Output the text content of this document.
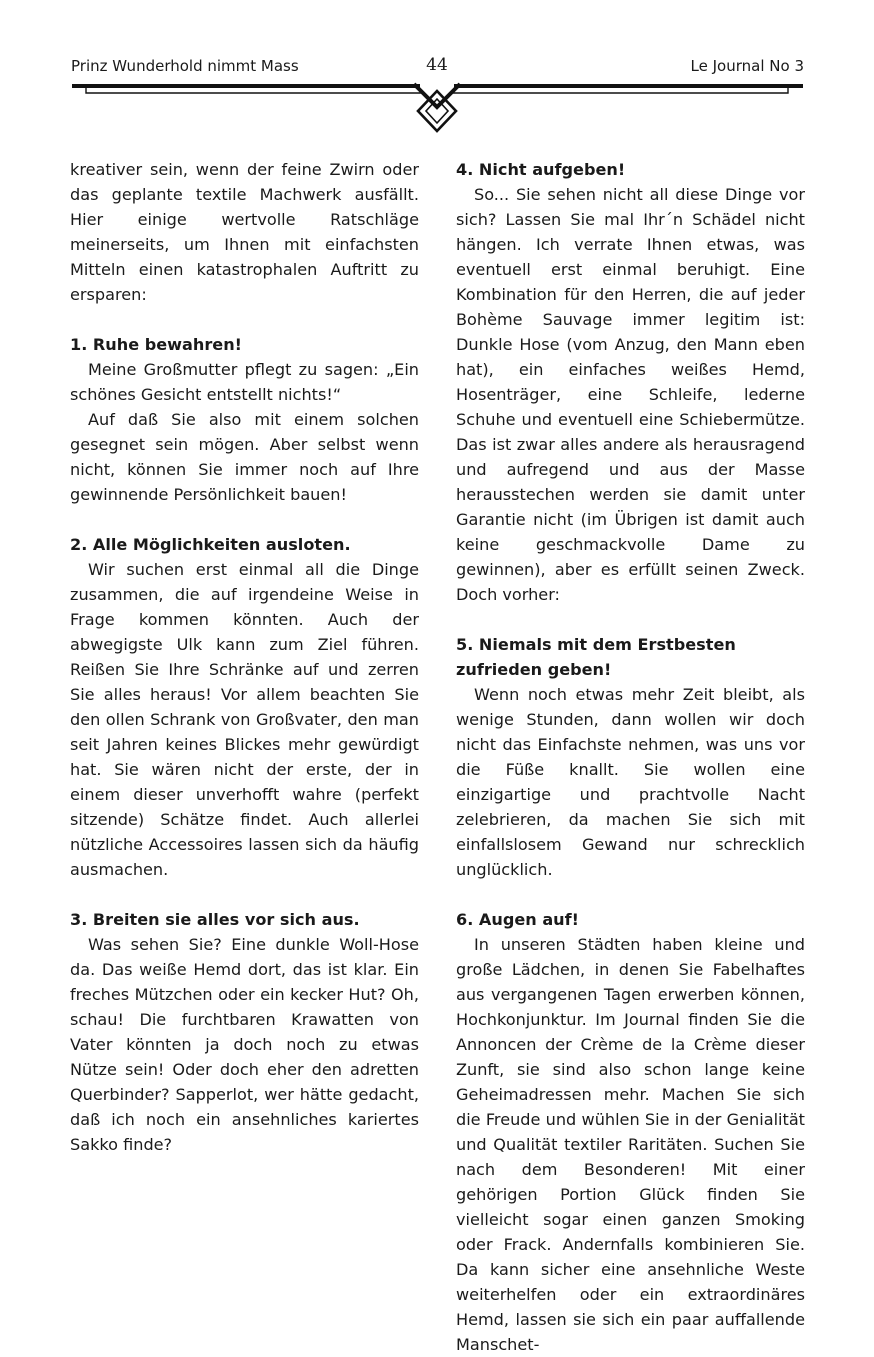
Prinz Wunderhold nimmt Mass	44	Le Journal No 3

kreativer sein, wenn der feine Zwirn oder das geplante textile Machwerk ausfällt. Hier einige wertvolle Ratschläge meinerseits, um Ihnen mit einfachsten Mitteln einen katastrophalen Auftritt zu ersparen:

1. Ruhe bewahren!

Meine Großmutter pflegt zu sagen: „Ein schönes Gesicht entstellt nichts!“

Auf daß Sie also mit einem solchen gesegnet sein mögen. Aber selbst wenn nicht, können Sie immer noch auf Ihre gewinnende Persönlichkeit bauen!

2. Alle Möglichkeiten ausloten.

Wir suchen erst einmal all die Dinge zusammen, die auf irgendeine Weise in Frage kommen könnten. Auch der abwegigste Ulk kann zum Ziel führen. Reißen Sie Ihre Schränke auf und zerren Sie alles heraus! Vor allem beachten Sie den ollen Schrank von Großvater, den man seit Jahren keines Blickes mehr gewürdigt hat. Sie wären nicht der erste, der in einem dieser unverhofft wahre (perfekt sitzende) Schätze findet. Auch allerlei nützliche Accessoires lassen sich da häufig ausmachen.

3. Breiten sie alles vor sich aus.

Was sehen Sie? Eine dunkle Woll-Hose da. Das weiße Hemd dort, das ist klar. Ein freches Mützchen oder ein kecker Hut? Oh, schau! Die furchtbaren Krawatten von Vater könnten ja doch noch zu etwas Nütze sein! Oder doch eher den adretten Querbinder? Sapperlot, wer hätte gedacht, daß ich noch ein ansehnliches kariertes Sakko finde?

4. Nicht aufgeben!

So... Sie sehen nicht all diese Dinge vor sich? Lassen Sie mal Ihr´n Schädel nicht hängen. Ich verrate Ihnen etwas, was eventuell erst einmal beruhigt. Eine Kombination für den Herren, die auf jeder Bohème Sauvage immer legitim ist: Dunkle Hose (vom Anzug, den Mann eben hat), ein einfaches weißes Hemd, Hosenträger, eine Schleife, lederne Schuhe und eventuell eine Schiebermütze. Das ist zwar alles andere als herausragend und aufregend und aus der Masse herausstechen werden sie damit unter Garantie nicht (im Übrigen ist damit auch keine geschmackvolle Dame zu gewinnen), aber es erfüllt seinen Zweck. Doch vorher:

5. Niemals mit dem Erstbesten zufrieden geben!

Wenn noch etwas mehr Zeit bleibt, als wenige Stunden, dann wollen wir doch nicht das Einfachste nehmen, was uns vor die Füße knallt. Sie wollen eine einzigartige und prachtvolle Nacht zelebrieren, da machen Sie sich mit einfallslosem Gewand nur schrecklich unglücklich.

6. Augen auf!

In unseren Städten haben kleine und große Lädchen, in denen Sie Fabelhaftes aus vergangenen Tagen erwerben können, Hochkonjunktur. Im Journal finden Sie die Annoncen der Crème de la Crème dieser Zunft, sie sind also schon lange keine Geheimadressen mehr. Machen Sie sich die Freude und wühlen Sie in der Genialität und Qualität textiler Raritäten. Suchen Sie nach dem Besonderen! Mit einer gehörigen Portion Glück finden Sie vielleicht sogar einen ganzen Smoking oder Frack. Andernfalls kombinieren Sie. Da kann sicher eine ansehnliche Weste weiterhelfen oder ein extraordinäres Hemd, lassen sie sich ein paar auffallende Manschet-
